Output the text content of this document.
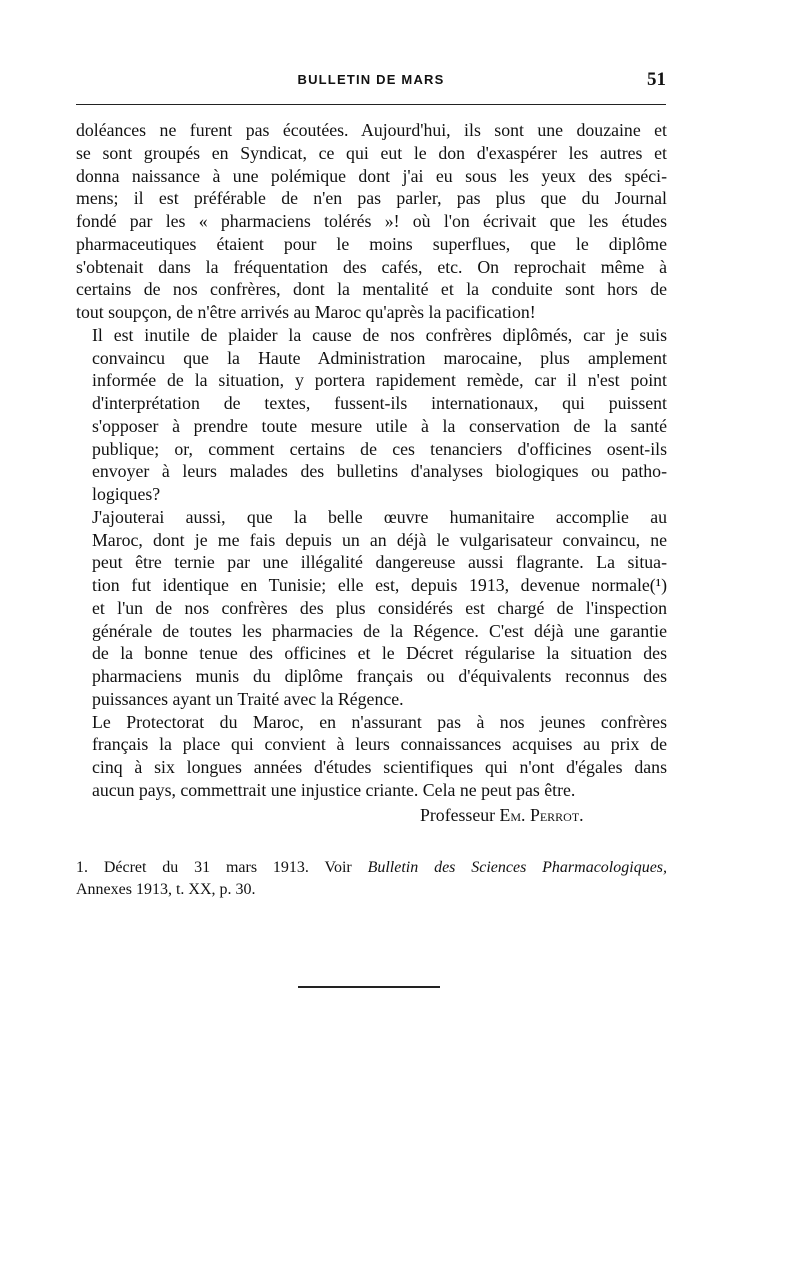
BULLETIN DE MARS	51

doléances ne furent pas écoutées. Aujourd'hui, ils sont une douzaine et
se sont groupés en Syndicat, ce qui eut le don d'exaspérer les autres et
donna naissance à une polémique dont j'ai eu sous les yeux des spéci-
mens; il est préférable de n'en pas parler, pas plus que du Journal
fondé par les « pharmaciens tolérés »! où l'on écrivait que les études
pharmaceutiques étaient pour le moins superflues, que le diplôme
s'obtenait dans la fréquentation des cafés, etc. On reprochait même à
certains de nos confrères, dont la mentalité et la conduite sont hors de
tout soupçon, de n'être arrivés au Maroc qu'après la pacification!

Il est inutile de plaider la cause de nos confrères diplômés, car je suis
convaincu que la Haute Administration marocaine, plus amplement
informée de la situation, y portera rapidement remède, car il n'est point
d'interprétation de textes, fussent-ils internationaux, qui puissent
s'opposer à prendre toute mesure utile à la conservation de la santé
publique; or, comment certains de ces tenanciers d'officines osent-ils
envoyer à leurs malades des bulletins d'analyses biologiques ou patho-
logiques?

J'ajouterai aussi, que la belle œuvre humanitaire accomplie au
Maroc, dont je me fais depuis un an déjà le vulgarisateur convaincu, ne
peut être ternie par une illégalité dangereuse aussi flagrante. La situa-
tion fut identique en Tunisie; elle est, depuis 1913, devenue normale(¹)
et l'un de nos confrères des plus considérés est chargé de l'inspection
générale de toutes les pharmacies de la Régence. C'est déjà une garantie
de la bonne tenue des officines et le Décret régularise la situation des
pharmaciens munis du diplôme français ou d'équivalents reconnus des
puissances ayant un Traité avec la Régence.

Le Protectorat du Maroc, en n'assurant pas à nos jeunes confrères
français la place qui convient à leurs connaissances acquises au prix de
cinq à six longues années d'études scientifiques qui n'ont d'égales dans
aucun pays, commettrait une injustice criante. Cela ne peut pas être.

Professeur Em. Perrot.
1. Décret du 31 mars 1913. Voir Bulletin des Sciences Pharmacologiques,
Annexes 1913, t. XX, p. 30.
